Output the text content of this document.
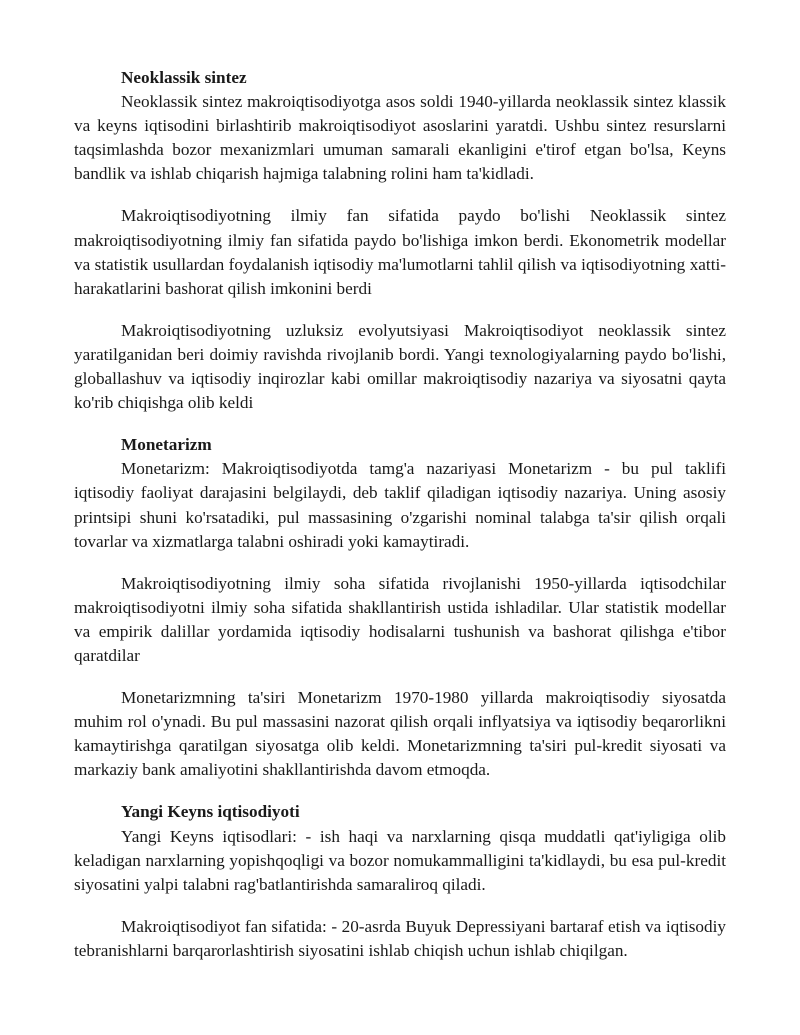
Neoklassik sintez

Neoklassik sintez makroiqtisodiyotga asos soldi 1940-yillarda neoklassik sintez klassik va keyns iqtisodini birlashtirib makroiqtisodiyot asoslarini yaratdi. Ushbu sintez resurslarni taqsimlashda bozor mexanizmlari umuman samarali ekanligini e'tirof etgan bo'lsa, Keyns bandlik va ishlab chiqarish hajmiga talabning rolini ham ta'kidladi.

Makroiqtisodiyotning ilmiy fan sifatida paydo bo'lishi Neoklassik sintez makroiqtisodiyotning ilmiy fan sifatida paydo bo'lishiga imkon berdi. Ekonometrik modellar va statistik usullardan foydalanish iqtisodiy ma'lumotlarni tahlil qilish va iqtisodiyotning xatti-harakatlarini bashorat qilish imkonini berdi

Makroiqtisodiyotning uzluksiz evolyutsiyasi Makroiqtisodiyot neoklassik sintez yaratilganidan beri doimiy ravishda rivojlanib bordi. Yangi texnologiyalarning paydo bo'lishi, globallashuv va iqtisodiy inqirozlar kabi omillar makroiqtisodiy nazariya va siyosatni qayta ko'rib chiqishga olib keldi

Monetarizm

Monetarizm: Makroiqtisodiyotda tamg'a nazariyasi Monetarizm - bu pul taklifi iqtisodiy faoliyat darajasini belgilaydi, deb taklif qiladigan iqtisodiy nazariya. Uning asosiy printsipi shuni ko'rsatadiki, pul massasining o'zgarishi nominal talabga ta'sir qilish orqali tovarlar va xizmatlarga talabni oshiradi yoki kamaytiradi.

Makroiqtisodiyotning ilmiy soha sifatida rivojlanishi 1950-yillarda iqtisodchilar makroiqtisodiyotni ilmiy soha sifatida shakllantirish ustida ishladilar. Ular statistik modellar va empirik dalillar yordamida iqtisodiy hodisalarni tushunish va bashorat qilishga e'tibor qaratdilar

Monetarizmning ta'siri Monetarizm 1970-1980 yillarda makroiqtisodiy siyosatda muhim rol o'ynadi. Bu pul massasini nazorat qilish orqali inflyatsiya va iqtisodiy beqarorlikni kamaytirishga qaratilgan siyosatga olib keldi. Monetarizmning ta'siri pul-kredit siyosati va markaziy bank amaliyotini shakllantirishda davom etmoqda.

Yangi Keyns iqtisodiyoti

Yangi Keyns iqtisodlari: - ish haqi va narxlarning qisqa muddatli qat'iyligiga olib keladigan narxlarning yopishqoqligi va bozor nomukammalligini ta'kidlaydi, bu esa pul-kredit siyosatini yalpi talabni rag'batlantirishda samaraliroq qiladi.

Makroiqtisodiyot fan sifatida: - 20-asrda Buyuk Depressiyani bartaraf etish va iqtisodiy tebranishlarni barqarorlashtirish siyosatini ishlab chiqish uchun ishlab chiqilgan.
